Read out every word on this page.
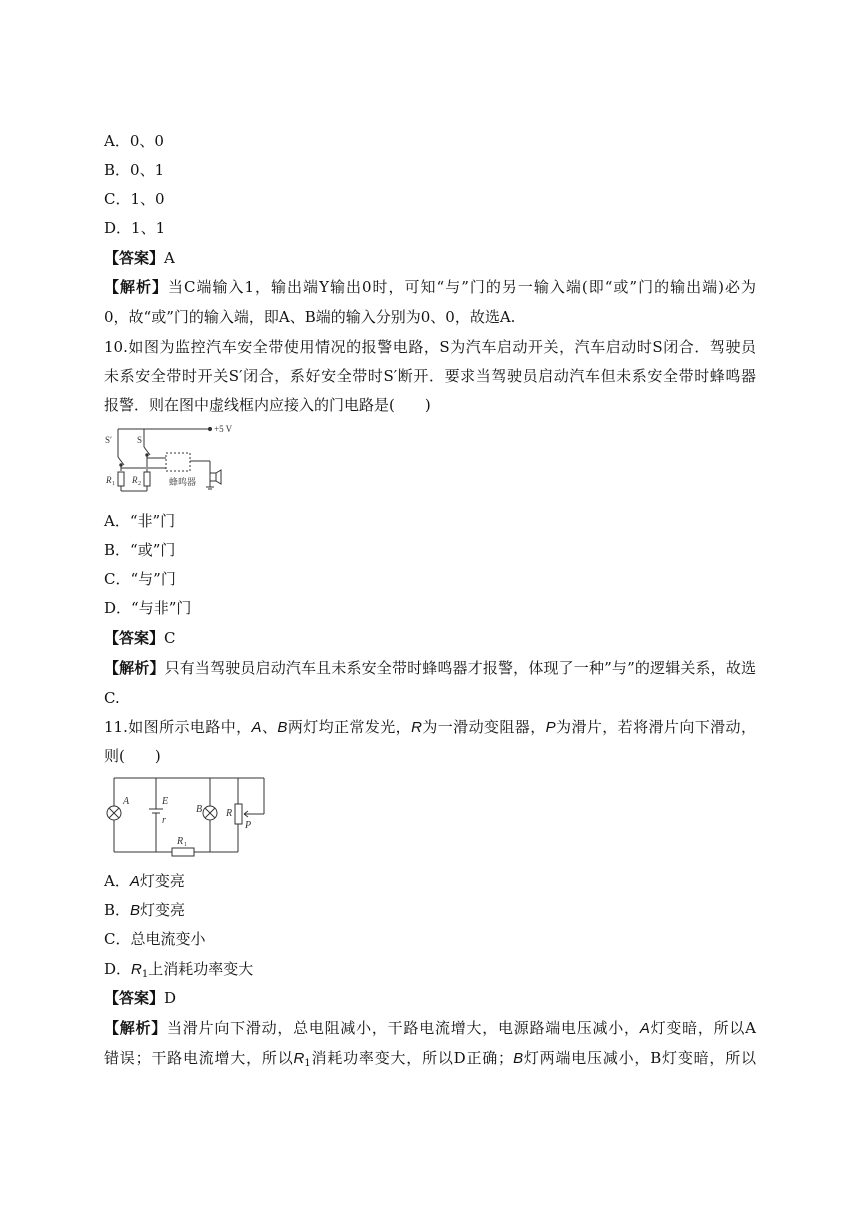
A．0、0
B．0、1
C．1、0
D．1、1
【答案】A
【解析】当C端输入1，输出端Y输出0时，可知“与”门的另一输入端(即“或”门的输出端)必为
0，故“或”门的输入端，即A、B端的输入分别为0、0，故选A.
10.如图为监控汽车安全带使用情况的报警电路，S为汽车启动开关，汽车启动时S闭合．驾驶员
未系安全带时开关S′闭合，系好安全带时S′断开．要求当驾驶员启动汽车但未系安全带时蜂鸣器
报警．则在图中虚线框内应接入的门电路是(　　)
+5 V
S′	S
R 1 R 2	蜂鸣器
A．“非”门
B．“或”门
C．“与”门
D．“与非”门
【答案】C
【解析】只有当驾驶员启动汽车且未系安全带时蜂鸣器才报警，体现了一种”与”的逻辑关系，故选
C.
11.如图所示电路中，A、B两灯均正常发光，R为一滑动变阻器，P为滑片，若将滑片向下滑动，
则(　　)
A	E
r
B R
P
R 1
A．A灯变亮
B．B灯变亮
C．总电流变小
D．$R_1$上消耗功率变大
【答案】D
【解析】当滑片向下滑动，总电阻减小，干路电流增大，电源路端电压减小，A灯变暗，所以A
错误；干路电流增大，所以$R_1$消耗功率变大，所以D正确；B灯两端电压减小，B灯变暗，所以
